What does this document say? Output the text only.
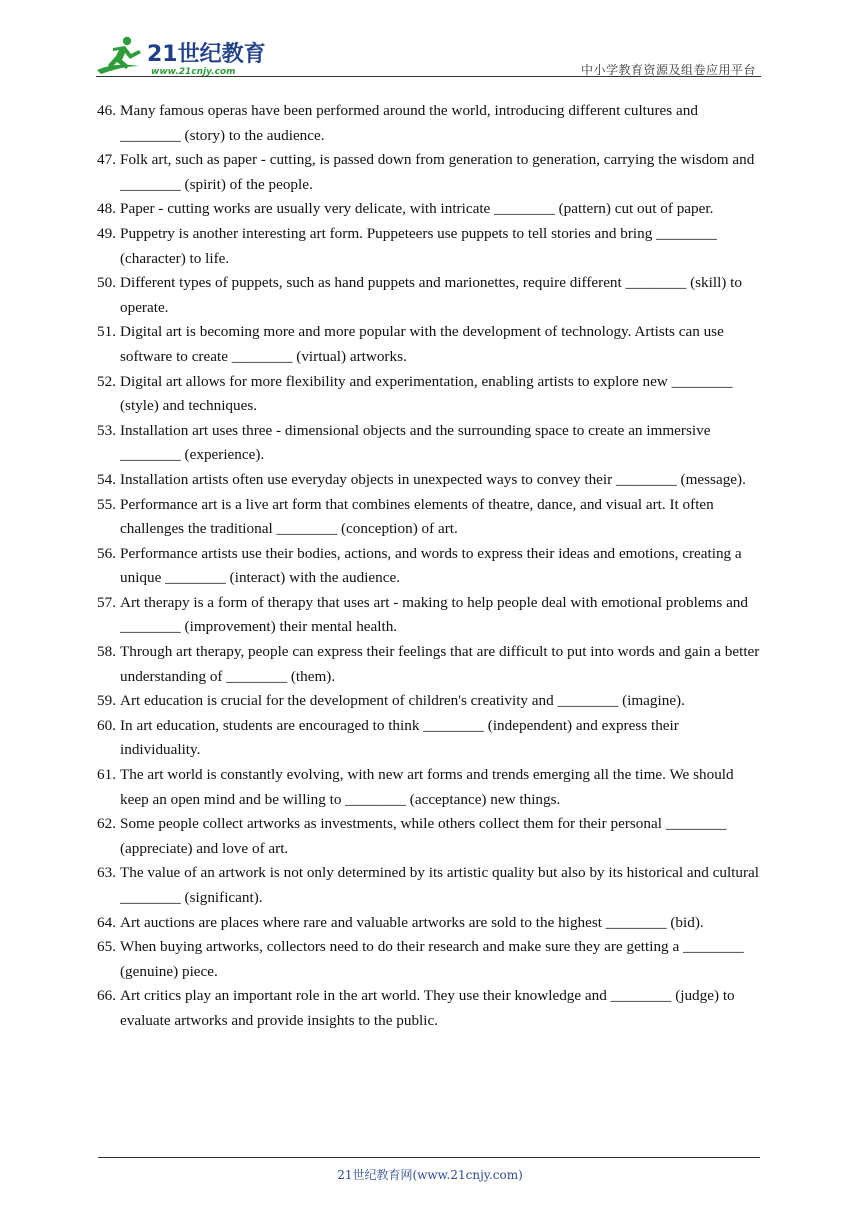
21世纪教育
www.21cnjy.com	中小学教育资源及组卷应用平台

46. Many famous operas have been performed around the world, introducing different cultures and ________ (story) to the audience.

47. Folk art, such as paper - cutting, is passed down from generation to generation, carrying the wisdom and ________ (spirit) of the people.

48. Paper - cutting works are usually very delicate, with intricate ________ (pattern) cut out of paper.

49. Puppetry is another interesting art form. Puppeteers use puppets to tell stories and bring ________ (character) to life.

50. Different types of puppets, such as hand puppets and marionettes, require different ________ (skill) to operate.

51. Digital art is becoming more and more popular with the development of technology. Artists can use software to create ________ (virtual) artworks.

52. Digital art allows for more flexibility and experimentation, enabling artists to explore new ________ (style) and techniques.

53. Installation art uses three - dimensional objects and the surrounding space to create an immersive ________ (experience).

54. Installation artists often use everyday objects in unexpected ways to convey their ________ (message).

55. Performance art is a live art form that combines elements of theatre, dance, and visual art. It often challenges the traditional ________ (conception) of art.

56. Performance artists use their bodies, actions, and words to express their ideas and emotions, creating a unique ________ (interact) with the audience.

57. Art therapy is a form of therapy that uses art - making to help people deal with emotional problems and ________ (improvement) their mental health.

58. Through art therapy, people can express their feelings that are difficult to put into words and gain a better understanding of ________ (them).

59. Art education is crucial for the development of children's creativity and ________ (imagine).

60. In art education, students are encouraged to think ________ (independent) and express their individuality.

61. The art world is constantly evolving, with new art forms and trends emerging all the time. We should keep an open mind and be willing to ________ (acceptance) new things.

62. Some people collect artworks as investments, while others collect them for their personal ________ (appreciate) and love of art.

63. The value of an artwork is not only determined by its artistic quality but also by its historical and cultural ________ (significant).

64. Art auctions are places where rare and valuable artworks are sold to the highest ________ (bid).

65. When buying artworks, collectors need to do their research and make sure they are getting a ________ (genuine) piece.

66. Art critics play an important role in the art world. They use their knowledge and ________ (judge) to evaluate artworks and provide insights to the public.

21世纪教育网(www.21cnjy.com)
